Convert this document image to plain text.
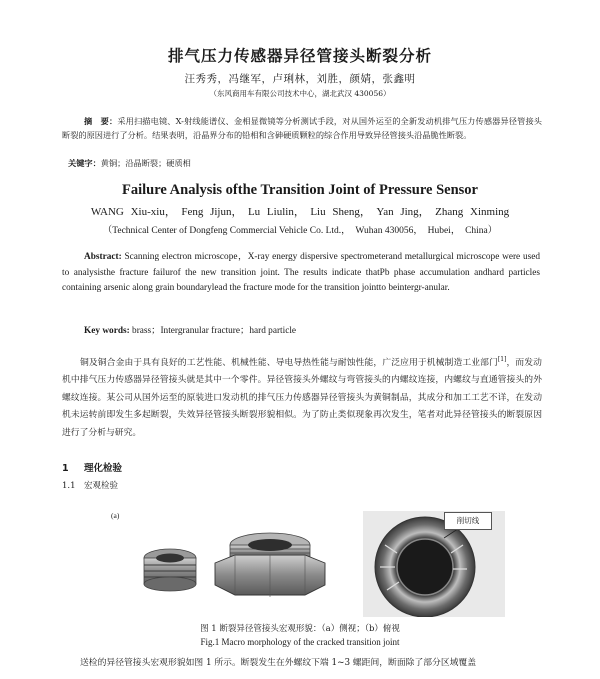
排气压力传感器异径管接头断裂分析
汪秀秀，冯继军，卢琍林，刘胜，颜婧，张鑫明
（东风商用车有限公司技术中心，湖北武汉 430056）
摘　要：采用扫描电镜、X-射线能谱仪、金相显微镜等分析测试手段，对从国外运至的全新发动机排气压力传感器异径管接头断裂的原因进行了分析。结果表明，沿晶界分布的铅相和含砷硬质颗粒的综合作用导致异径管接头沿晶脆性断裂。
关键字：黄铜；沿晶断裂；硬质相
Failure Analysis ofthe Transition Joint of Pressure Sensor
WANG Xiu-xiu，　Feng Jijun，　Lu Liulin，　Liu Sheng，　Yan Jing，　Zhang Xinming
（Technical Center of Dongfeng Commercial Vehicle Co. Ltd.，　Wuhan 430056，　Hubei，　China）
Abstract: Scanning electron microscope，X-ray energy dispersive spectrometerand metallurgical microscope were used to analysisthe fracture failurof the new transition joint. The results indicate thatPb phase accumulation andhard particles containing arsenic along grain boundarylead the fracture mode for the transition jointto beintergr-anular.
Key words: brass；Intergranular fracture；hard particle
铜及铜合金由于具有良好的工艺性能、机械性能、导电导热性能与耐蚀性能，广泛应用于机械制造工业部门[1]，而发动机中排气压力传感器异径管接头就是其中一个零件。异径管接头外螺纹与弯管接头的内螺纹连接，内螺纹与直通管接头的外螺纹连接。某公司从国外运至的原装进口发动机的排气压力传感器异径管接头为黄铜制品，其成分和加工工艺不详，在发动机未运转前即发生多起断裂，失效异径管接头断裂形貌相似。为了防止类似现象再次发生，笔者对此异径管接头的断裂原因进行了分析与研究。
1 理化检验
1.1 宏观检验
(a)
削切线
图 1 断裂异径管接头宏观形貌：（a）侧视；（b）俯视
Fig.1 Macro morphology of the cracked transition joint
送检的异径管接头宏观形貌如图 1 所示。断裂发生在外螺纹下端 1~3 螺距间，断面除了部分区域覆盖
